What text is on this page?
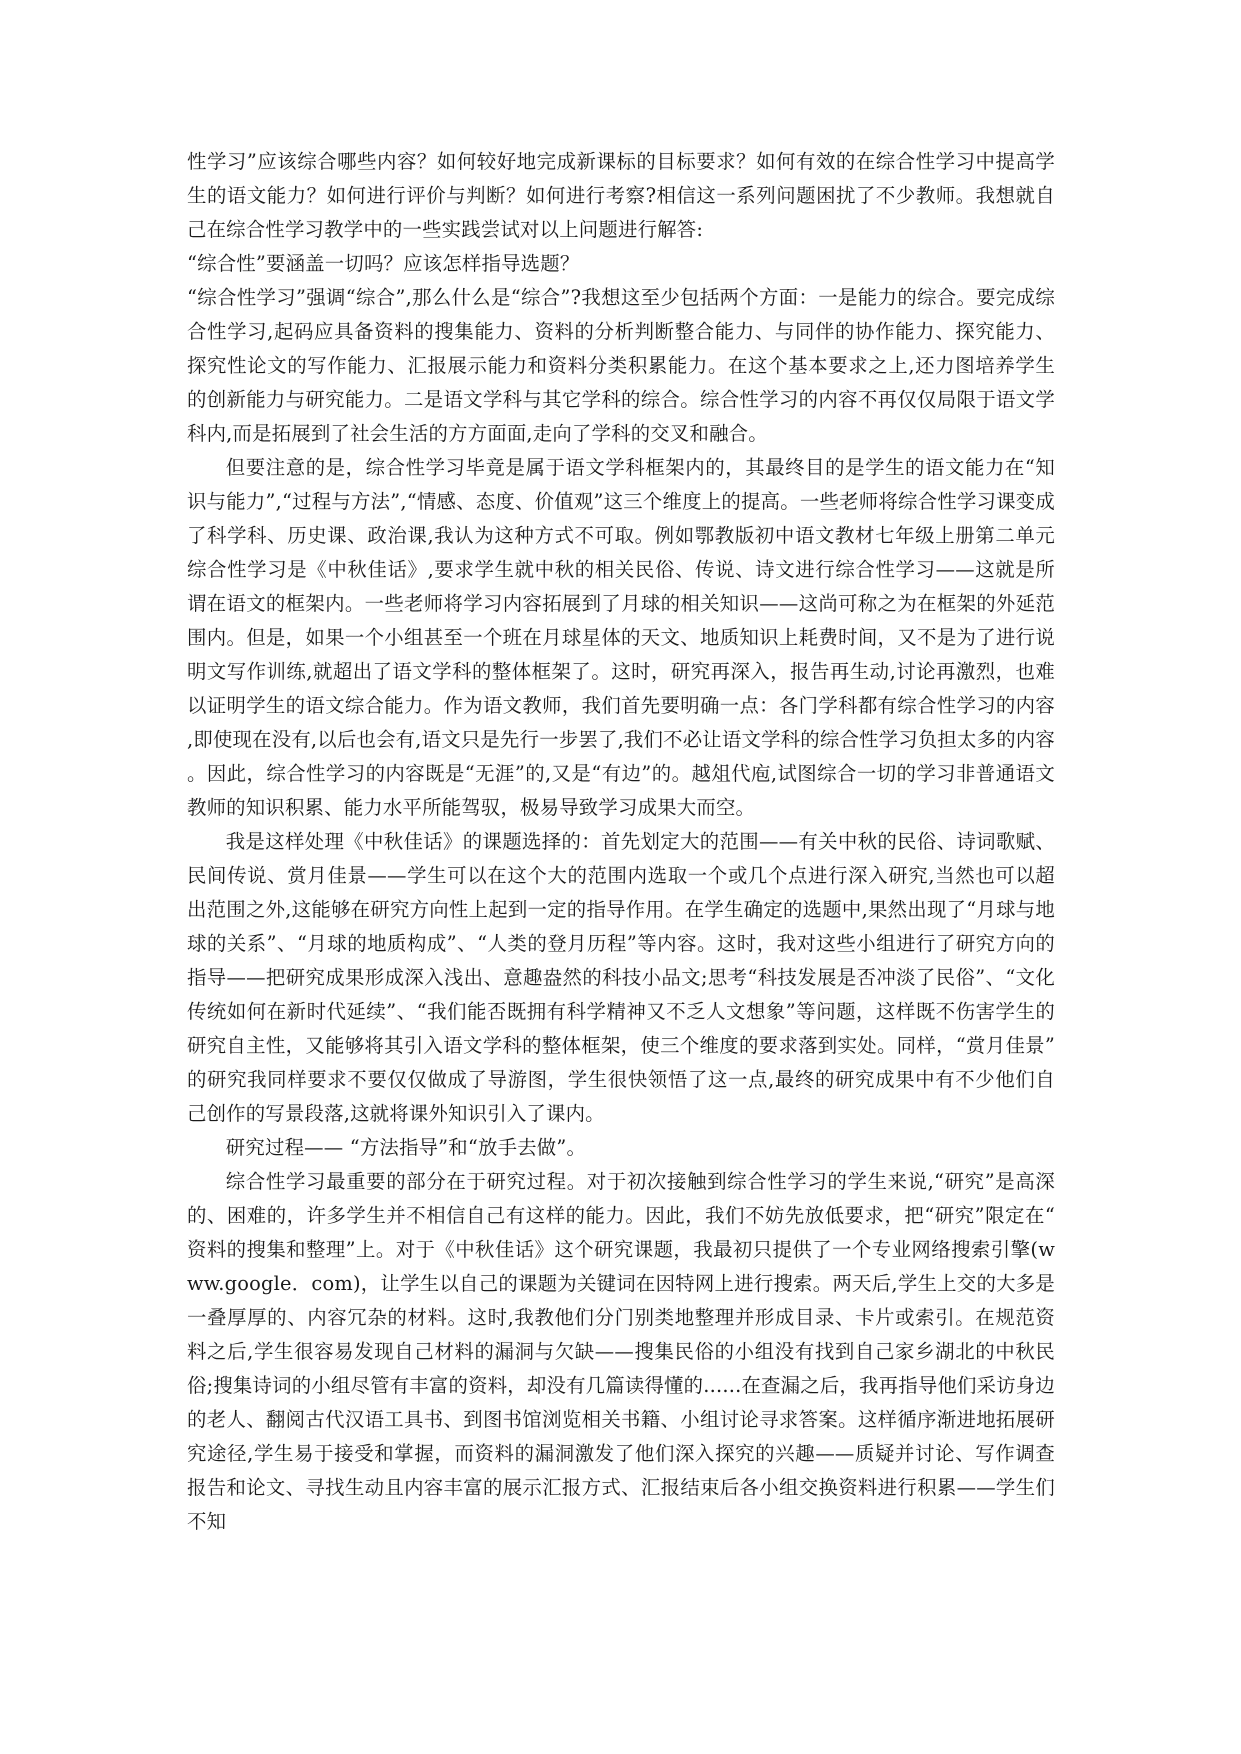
性学习”应该综合哪些内容？如何较好地完成新课标的目标要求？如何有效的在综合性学习中提高学生的语文能力？如何进行评价与判断？如何进行考察?相信这一系列问题困扰了不少教师。我想就自己在综合性学习教学中的一些实践尝试对以上问题进行解答:

“综合性”要涵盖一切吗？应该怎样指导选题？

“综合性学习”强调“综合”,那么什么是“综合”?我想这至少包括两个方面：一是能力的综合。要完成综合性学习,起码应具备资料的搜集能力、资料的分析判断整合能力、与同伴的协作能力、探究能力、探究性论文的写作能力、汇报展示能力和资料分类积累能力。在这个基本要求之上,还力图培养学生的创新能力与研究能力。二是语文学科与其它学科的综合。综合性学习的内容不再仅仅局限于语文学科内,而是拓展到了社会生活的方方面面,走向了学科的交叉和融合。

但要注意的是，综合性学习毕竟是属于语文学科框架内的，其最终目的是学生的语文能力在“知识与能力”,“过程与方法”,“情感、态度、价值观”这三个维度上的提高。一些老师将综合性学习课变成了科学科、历史课、政治课,我认为这种方式不可取。例如鄂教版初中语文教材七年级上册第二单元综合性学习是《中秋佳话》,要求学生就中秋的相关民俗、传说、诗文进行综合性学习——这就是所谓在语文的框架内。一些老师将学习内容拓展到了月球的相关知识——这尚可称之为在框架的外延范围内。但是，如果一个小组甚至一个班在月球星体的天文、地质知识上耗费时间，又不是为了进行说明文写作训练,就超出了语文学科的整体框架了。这时，研究再深入，报告再生动,讨论再激烈，也难以证明学生的语文综合能力。作为语文教师，我们首先要明确一点：各门学科都有综合性学习的内容,即使现在没有,以后也会有,语文只是先行一步罢了,我们不必让语文学科的综合性学习负担太多的内容。因此，综合性学习的内容既是“无涯”的,又是“有边”的。越俎代庖,试图综合一切的学习非普通语文教师的知识积累、能力水平所能驾驭，极易导致学习成果大而空。

我是这样处理《中秋佳话》的课题选择的：首先划定大的范围——有关中秋的民俗、诗词歌赋、民间传说、赏月佳景——学生可以在这个大的范围内选取一个或几个点进行深入研究,当然也可以超出范围之外,这能够在研究方向性上起到一定的指导作用。在学生确定的选题中,果然出现了“月球与地球的关系”、“月球的地质构成”、“人类的登月历程”等内容。这时，我对这些小组进行了研究方向的指导——把研究成果形成深入浅出、意趣盎然的科技小品文;思考“科技发展是否冲淡了民俗”、“文化传统如何在新时代延续”、“我们能否既拥有科学精神又不乏人文想象”等问题，这样既不伤害学生的研究自主性，又能够将其引入语文学科的整体框架，使三个维度的要求落到实处。同样，“赏月佳景”的研究我同样要求不要仅仅做成了导游图，学生很快领悟了这一点,最终的研究成果中有不少他们自己创作的写景段落,这就将课外知识引入了课内。

研究过程—— “方法指导”和“放手去做”。

综合性学习最重要的部分在于研究过程。对于初次接触到综合性学习的学生来说,“研究”是高深的、困难的，许多学生并不相信自己有这样的能力。因此，我们不妨先放低要求，把“研究”限定在“资料的搜集和整理”上。对于《中秋佳话》这个研究课题，我最初只提供了一个专业网络搜索引擎(www.google．com)，让学生以自己的课题为关键词在因特网上进行搜索。两天后,学生上交的大多是一叠厚厚的、内容冗杂的材料。这时,我教他们分门别类地整理并形成目录、卡片或索引。在规范资料之后,学生很容易发现自己材料的漏洞与欠缺——搜集民俗的小组没有找到自己家乡湖北的中秋民俗;搜集诗词的小组尽管有丰富的资料，却没有几篇读得懂的......在查漏之后，我再指导他们采访身边的老人、翻阅古代汉语工具书、到图书馆浏览相关书籍、小组讨论寻求答案。这样循序渐进地拓展研究途径,学生易于接受和掌握，而资料的漏洞激发了他们深入探究的兴趣——质疑并讨论、写作调查报告和论文、寻找生动且内容丰富的展示汇报方式、汇报结束后各小组交换资料进行积累——学生们不知
